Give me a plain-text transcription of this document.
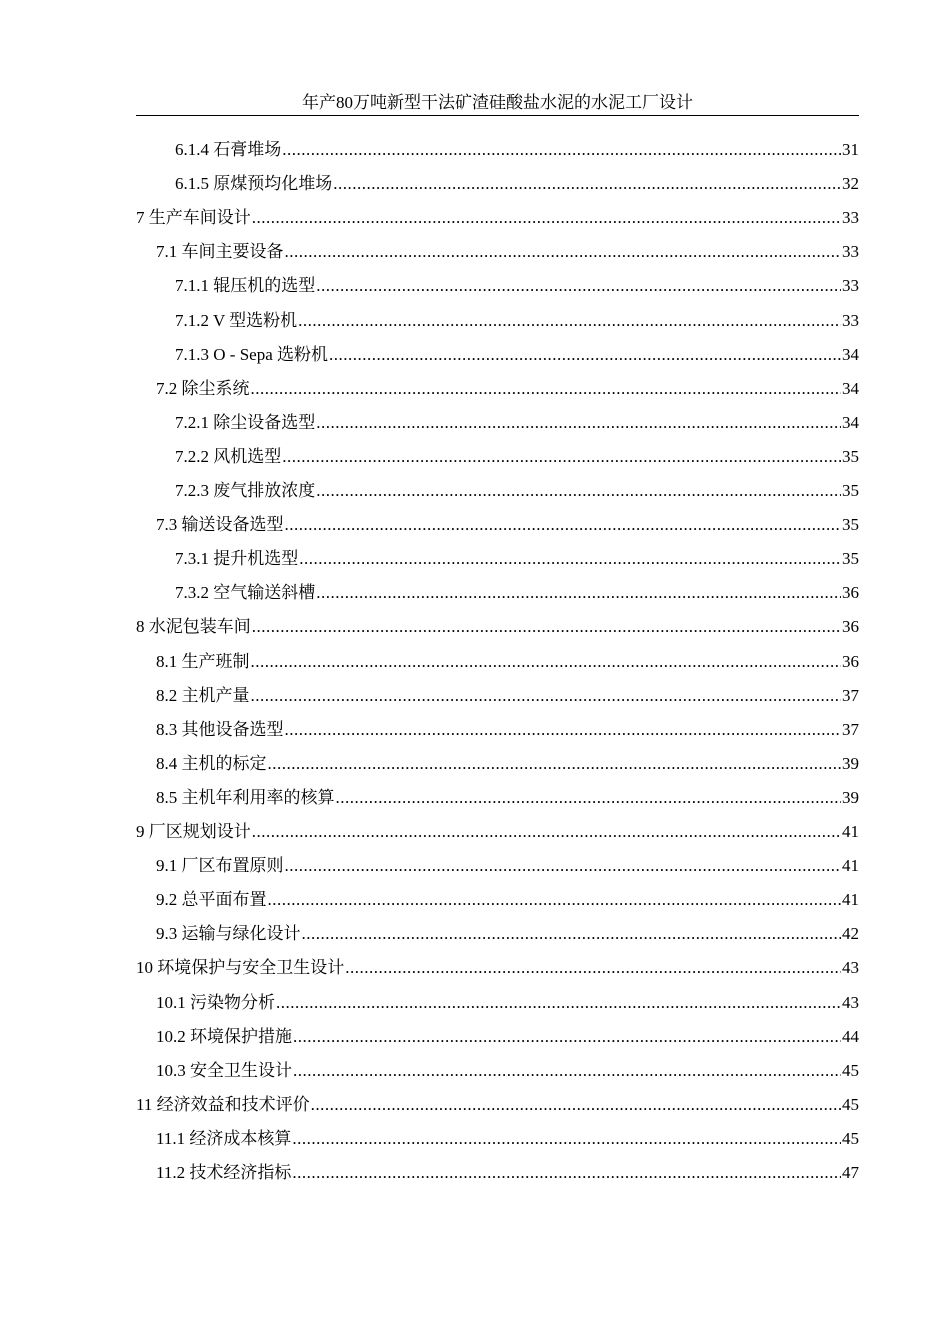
年产80万吨新型干法矿渣硅酸盐水泥的水泥工厂设计
6.1.4 石膏堆场 .....	31
6.1.5 原煤预均化堆场 .....	32
7 生产车间设计 .....	33
7.1 车间主要设备 .....	33
7.1.1 辊压机的选型 .....	33
7.1.2 V 型选粉机 .....	33
7.1.3 O - Sepa 选粉机 .....	34
7.2 除尘系统 .....	34
7.2.1 除尘设备选型 .....	34
7.2.2 风机选型 .....	35
7.2.3 废气排放浓度 .....	35
7.3 输送设备选型 .....	35
7.3.1 提升机选型 .....	35
7.3.2 空气输送斜槽 .....	36
8 水泥包装车间 .....	36
8.1 生产班制 .....	36
8.2 主机产量 .....	37
8.3 其他设备选型 .....	37
8.4 主机的标定 .....	39
8.5 主机年利用率的核算 .....	39
9 厂区规划设计 .....	41
9.1 厂区布置原则 .....	41
9.2 总平面布置 .....	41
9.3 运输与绿化设计 .....	42
10 环境保护与安全卫生设计 .....	43
10.1 污染物分析 .....	43
10.2 环境保护措施 .....	44
10.3 安全卫生设计 .....	45
11 经济效益和技术评价 .....	45
11.1 经济成本核算 .....	45
11.2 技术经济指标 .....	47
